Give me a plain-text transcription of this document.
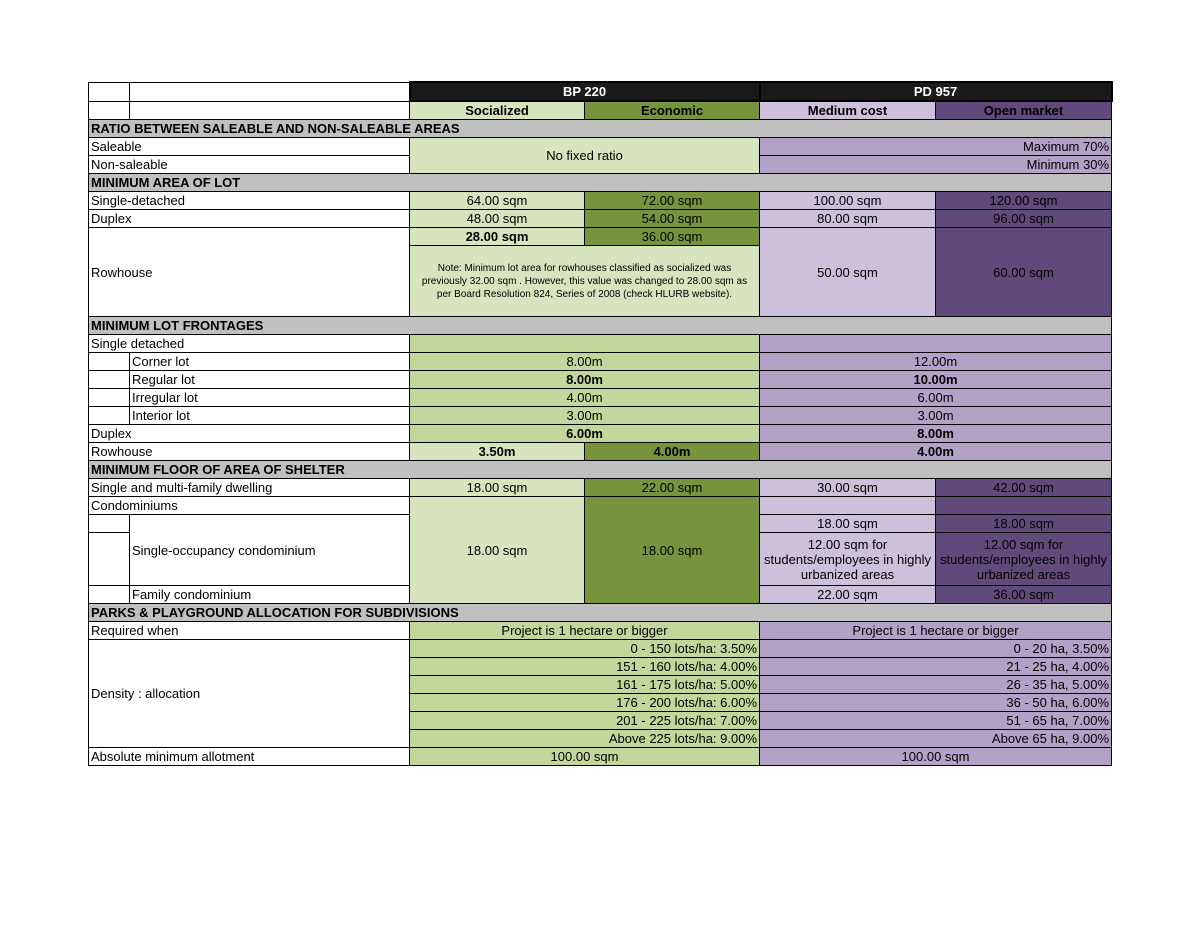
		BP 220		PD 957	
		Socialized	Economic	Medium cost	Open market
RATIO BETWEEN SALEABLE AND NON-SALEABLE AREAS					
Saleable		No fixed ratio		Maximum 70%	
Non-saleable				Minimum 30%	
MINIMUM AREA OF LOT					
Single-detached		64.00 sqm	72.00 sqm	100.00 sqm	120.00 sqm
Duplex		48.00 sqm	54.00 sqm	80.00 sqm	96.00 sqm
Rowhouse		28.00 sqm	36.00 sqm	50.00 sqm	60.00 sqm
		Note: Minimum lot area for rowhouses classified as socialized was previously 32.00 sqm . However, this value was changed to 28.00 sqm as per Board Resolution 824, Series of 2008 (check HLURB website).			
MINIMUM LOT FRONTAGES					
Single detached					
	Corner lot	8.00m		12.00m	
	Regular lot	8.00m		10.00m	
	Irregular lot	4.00m		6.00m	
	Interior lot	3.00m		3.00m	
Duplex		6.00m		8.00m	
Rowhouse		3.50m	4.00m	4.00m	
MINIMUM FLOOR OF AREA OF SHELTER					
Single and multi-family dwelling		18.00 sqm	22.00 sqm	30.00 sqm	42.00 sqm
Condominiums		18.00 sqm	18.00 sqm		
	Single-occupancy condominium			18.00 sqm	18.00 sqm
				12.00 sqm for students/employees in highly urbanized areas	12.00 sqm for students/employees in highly urbanized areas
	Family condominium			22.00 sqm	36.00 sqm
PARKS & PLAYGROUND ALLOCATION FOR SUBDIVISIONS					
Required when		Project is 1 hectare or bigger		Project is 1 hectare or bigger	
Density : allocation		0 - 150 lots/ha: 3.50%		0 - 20 ha, 3.50%	
		151 - 160 lots/ha: 4.00%		21 - 25 ha, 4.00%	
		161 - 175 lots/ha: 5.00%		26 - 35 ha, 5.00%	
		176 - 200 lots/ha: 6.00%		36 - 50 ha, 6.00%	
		201 - 225 lots/ha: 7.00%		51 - 65 ha, 7.00%	
		Above 225 lots/ha: 9.00%		Above 65 ha, 9.00%	
Absolute minimum allotment		100.00 sqm		100.00 sqm	
